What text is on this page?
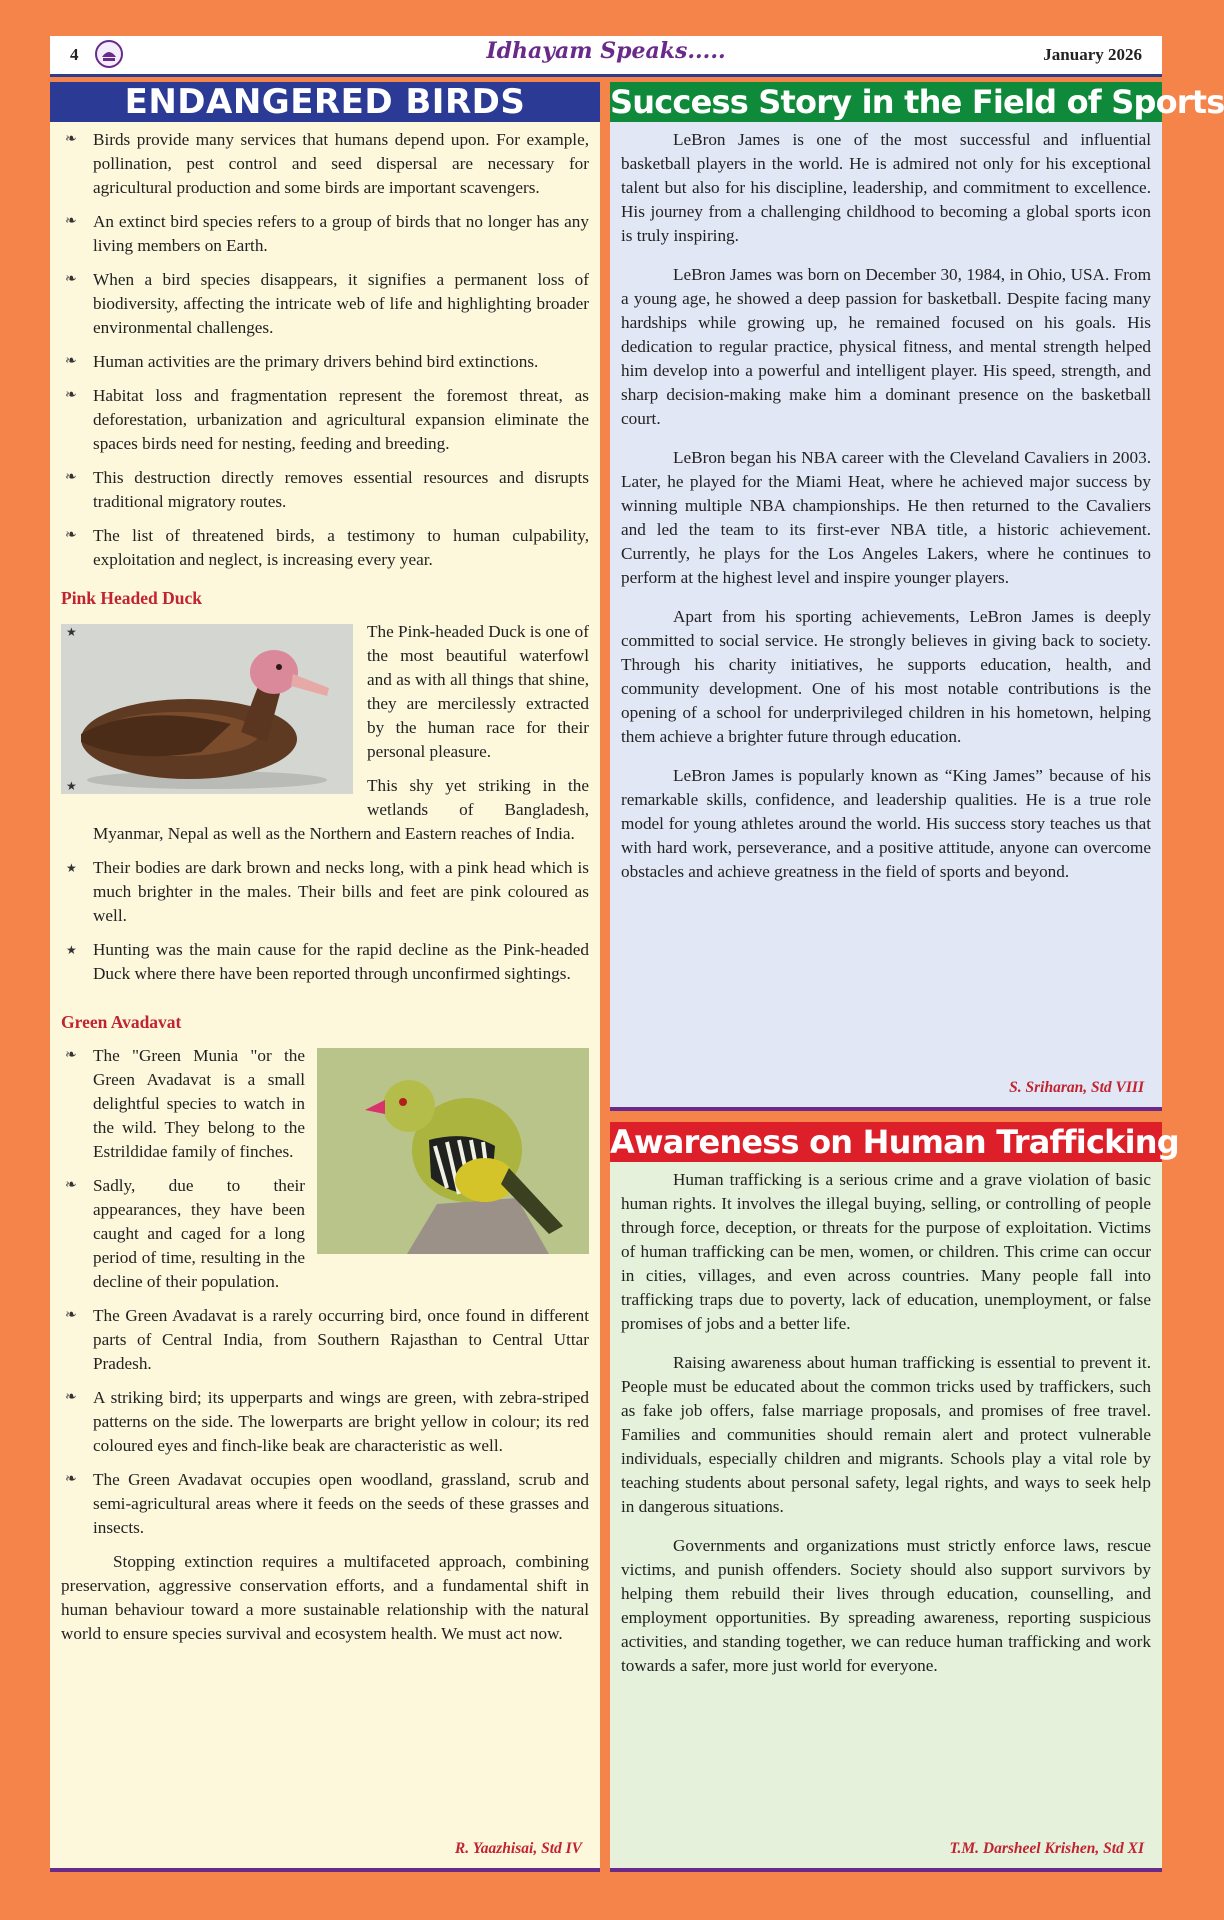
4	Idhayam Speaks.....	January 2026
ENDANGERED BIRDS
❧ Birds provide many services that humans depend upon. For example, pollination, pest control and seed dispersal are necessary for agricultural production and some birds are important scavengers.
❧ An extinct bird species refers to a group of birds that no longer has any living members on Earth.
❧ When a bird species disappears, it signifies a permanent loss of biodiversity, affecting the intricate web of life and highlighting broader environmental challenges.
❧ Human activities are the primary drivers behind bird extinctions.
❧ Habitat loss and fragmentation represent the foremost threat, as deforestation, urbanization and agricultural expansion eliminate the spaces birds need for nesting, feeding and breeding.
❧ This destruction directly removes essential resources and disrupts traditional migratory routes.
❧ The list of threatened birds, a testimony to human culpability, exploitation and neglect, is increasing every year.
Pink Headed Duck
★ The Pink-headed Duck is one of the most beautiful waterfowl and as with all things that shine, they are mercilessly extracted by the human race for their personal pleasure.
★ This shy yet striking in the wetlands of Bangladesh, Myanmar, Nepal as well as the Northern and Eastern reaches of India.
★ Their bodies are dark brown and necks long, with a pink head which is much brighter in the males. Their bills and feet are pink coloured as well.
★ Hunting was the main cause for the rapid decline as the Pink-headed Duck where there have been reported through unconfirmed sightings.
Green Avadavat
❧ The "Green Munia "or the Green Avadavat is a small delightful species to watch in the wild. They belong to the Estrildidae family of finches.
❧ Sadly, due to their appearances, they have been caught and caged for a long period of time, resulting in the decline of their population.
❧ The Green Avadavat is a rarely occurring bird, once found in different parts of Central India, from Southern Rajasthan to Central Uttar Pradesh.
❧ A striking bird; its upperparts and wings are green, with zebra-striped patterns on the side. The lowerparts are bright yellow in colour; its red coloured eyes and finch-like beak are characteristic as well.
❧ The Green Avadavat occupies open woodland, grassland, scrub and semi-agricultural areas where it feeds on the seeds of these grasses and insects.

Stopping extinction requires a multifaceted approach, combining preservation, aggressive conservation efforts, and a fundamental shift in human behaviour toward a more sustainable relationship with the natural world to ensure species survival and ecosystem health. We must act now.

R. Yaazhisai, Std IV
Success Story in the Field of Sports

LeBron James is one of the most successful and influential basketball players in the world. He is admired not only for his exceptional talent but also for his discipline, leadership, and commitment to excellence. His journey from a challenging childhood to becoming a global sports icon is truly inspiring.

LeBron James was born on December 30, 1984, in Ohio, USA. From a young age, he showed a deep passion for basketball. Despite facing many hardships while growing up, he remained focused on his goals. His dedication to regular practice, physical fitness, and mental strength helped him develop into a powerful and intelligent player. His speed, strength, and sharp decision-making make him a dominant presence on the basketball court.

LeBron began his NBA career with the Cleveland Cavaliers in 2003. Later, he played for the Miami Heat, where he achieved major success by winning multiple NBA championships. He then returned to the Cavaliers and led the team to its first-ever NBA title, a historic achievement. Currently, he plays for the Los Angeles Lakers, where he continues to perform at the highest level and inspire younger players.

Apart from his sporting achievements, LeBron James is deeply committed to social service. He strongly believes in giving back to society. Through his charity initiatives, he supports education, health, and community development. One of his most notable contributions is the opening of a school for underprivileged children in his hometown, helping them achieve a brighter future through education.

LeBron James is popularly known as “King James” because of his remarkable skills, confidence, and leadership qualities. He is a true role model for young athletes around the world. His success story teaches us that with hard work, perseverance, and a positive attitude, anyone can overcome obstacles and achieve greatness in the field of sports and beyond.

S. Sriharan, Std VIII
Awareness on Human Trafficking

Human trafficking is a serious crime and a grave violation of basic human rights. It involves the illegal buying, selling, or controlling of people through force, deception, or threats for the purpose of exploitation. Victims of human trafficking can be men, women, or children. This crime can occur in cities, villages, and even across countries. Many people fall into trafficking traps due to poverty, lack of education, unemployment, or false promises of jobs and a better life.

Raising awareness about human trafficking is essential to prevent it. People must be educated about the common tricks used by traffickers, such as fake job offers, false marriage proposals, and promises of free travel. Families and communities should remain alert and protect vulnerable individuals, especially children and migrants. Schools play a vital role by teaching students about personal safety, legal rights, and ways to seek help in dangerous situations.

Governments and organizations must strictly enforce laws, rescue victims, and punish offenders. Society should also support survivors by helping them rebuild their lives through education, counselling, and employment opportunities. By spreading awareness, reporting suspicious activities, and standing together, we can reduce human trafficking and work towards a safer, more just world for everyone.

T.M. Darsheel Krishen, Std XI
